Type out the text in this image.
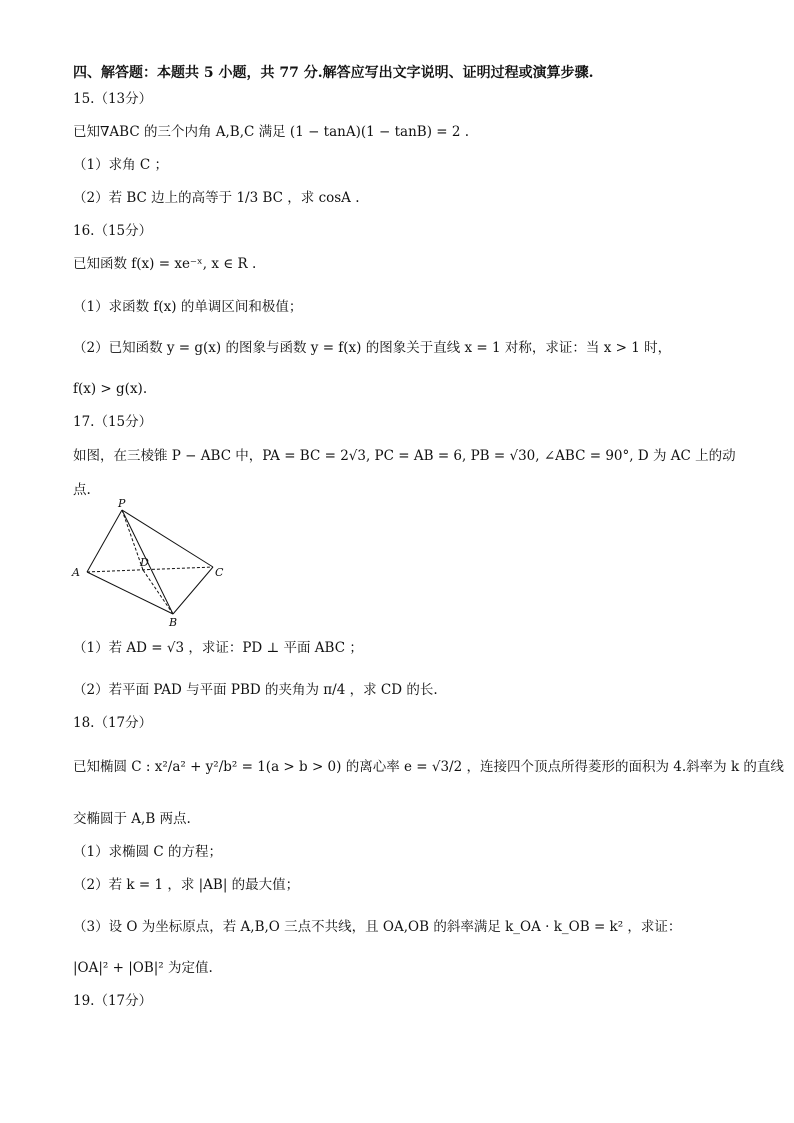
四、解答题：本题共 5 小题，共 77 分.解答应写出文字说明、证明过程或演算步骤.
15.（13分）
已知∇ABC 的三个内角 A,B,C 满足 (1 − tanA)(1 − tanB) = 2 .
（1）求角 C ；
（2）若 BC 边上的高等于 1/3 BC ，求 cosA .
16.（15分）
已知函数 f(x) = xe⁻ˣ, x ∈ R .
（1）求函数 f(x) 的单调区间和极值；
（2）已知函数 y = g(x) 的图象与函数 y = f(x) 的图象关于直线 x = 1 对称，求证：当 x > 1 时，
f(x) > g(x).
17.（15分）
如图，在三棱锥 P − ABC 中，PA = BC = 2√3, PC = AB = 6, PB = √30, ∠ABC = 90°, D 为 AC 上的动
点.
P
A
D
C
B
（1）若 AD = √3 ，求证：PD ⊥ 平面 ABC ；
（2）若平面 PAD 与平面 PBD 的夹角为 π/4 ，求 CD 的长.
18.（17分）
已知椭圆 C : x²/a² + y²/b² = 1(a > b > 0) 的离心率 e = √3/2 ，连接四个顶点所得菱形的面积为 4.斜率为 k 的直线
交椭圆于 A,B 两点.
（1）求椭圆 C 的方程；
（2）若 k = 1 ，求 |AB| 的最大值；
（3）设 O 为坐标原点，若 A,B,O 三点不共线，且 OA,OB 的斜率满足 k_OA · k_OB = k² ，求证：
|OA|² + |OB|² 为定值.
19.（17分）
